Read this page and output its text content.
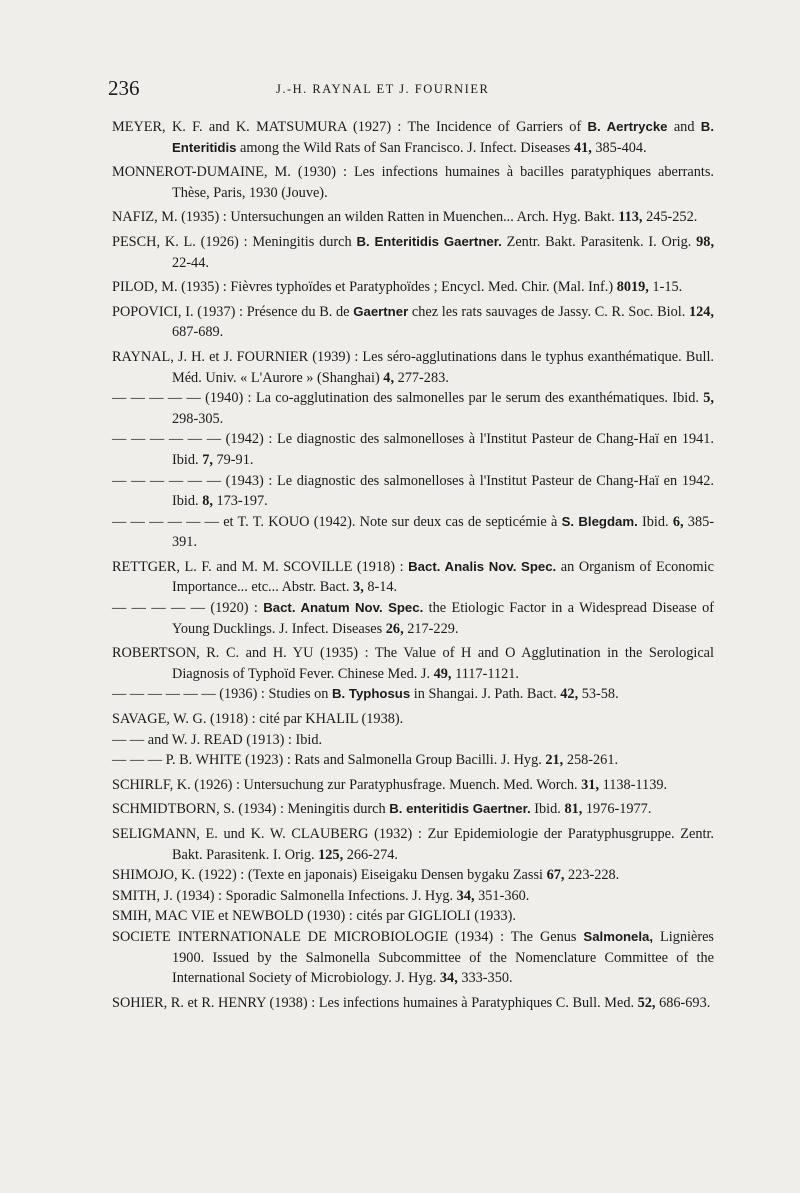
236	J.-H. RAYNAL ET J. FOURNIER

MEYER, K. F. and K. MATSUMURA (1927) : The Incidence of Garriers of B. Aertrycke and B. Enteritidis among the Wild Rats of San Francisco. J. Infect. Diseases 41, 385-404.

MONNEROT-DUMAINE, M. (1930) : Les infections humaines à bacilles paratyphiques aberrants. Thèse, Paris, 1930 (Jouve).

NAFIZ, M. (1935) : Untersuchungen an wilden Ratten in Muenchen... Arch. Hyg. Bakt. 113, 245-252.

PESCH, K. L. (1926) : Meningitis durch B. Enteritidis Gaertner. Zentr. Bakt. Parasitenk. I. Orig. 98, 22-44.

PILOD, M. (1935) : Fièvres typhoïdes et Paratyphoïdes ; Encycl. Med. Chir. (Mal. Inf.) 8019, 1-15.

POPOVICI, I. (1937) : Présence du B. de Gaertner chez les rats sauvages de Jassy. C. R. Soc. Biol. 124, 687-689.

RAYNAL, J. H. et J. FOURNIER (1939) : Les séro-agglutinations dans le typhus exanthématique. Bull. Méd. Univ. « L'Aurore » (Shanghai) 4, 277-283.

— — — — — (1940) : La co-agglutination des salmonelles par le serum des exanthématiques. Ibid. 5, 298-305.

— — — — — — (1942) : Le diagnostic des salmonelloses à l'Institut Pasteur de Chang-Haï en 1941. Ibid. 7, 79-91.

— — — — — — (1943) : Le diagnostic des salmonelloses à l'Institut Pasteur de Chang-Haï en 1942. Ibid. 8, 173-197.

— — — — — — et T. T. KOUO (1942). Note sur deux cas de septicémie à S. Blegdam. Ibid. 6, 385-391.

RETTGER, L. F. and M. M. SCOVILLE (1918) : Bact. Analis Nov. Spec. an Organism of Economic Importance... etc... Abstr. Bact. 3, 8-14.

— — — — — (1920) : Bact. Anatum Nov. Spec. the Etiologic Factor in a Widespread Disease of Young Ducklings. J. Infect. Diseases 26, 217-229.

ROBERTSON, R. C. and H. YU (1935) : The Value of H and O Agglutination in the Serological Diagnosis of Typhoïd Fever. Chinese Med. J. 49, 1117-1121.

— — — — — — (1936) : Studies on B. Typhosus in Shangai. J. Path. Bact. 42, 53-58.

SAVAGE, W. G. (1918) : cité par KHALIL (1938).

— — and W. J. READ (1913) : Ibid.

— — — P. B. WHITE (1923) : Rats and Salmonella Group Bacilli. J. Hyg. 21, 258-261.

SCHIRLF, K. (1926) : Untersuchung zur Paratyphusfrage. Muench. Med. Worch. 31, 1138-1139.

SCHMIDTBORN, S. (1934) : Meningitis durch B. enteritidis Gaertner. Ibid. 81, 1976-1977.

SELIGMANN, E. und K. W. CLAUBERG (1932) : Zur Epidemiologie der Paratyphusgruppe. Zentr. Bakt. Parasitenk. I. Orig. 125, 266-274.

SHIMOJO, K. (1922) : (Texte en japonais) Eiseigaku Densen bygaku Zassi 67, 223-228.

SMITH, J. (1934) : Sporadic Salmonella Infections. J. Hyg. 34, 351-360.

SMIH, MAC VIE et NEWBOLD (1930) : cités par GIGLIOLI (1933).

SOCIETE INTERNATIONALE DE MICROBIOLOGIE (1934) : The Genus Salmonela, Lignières 1900. Issued by the Salmonella Subcommittee of the Nomenclature Committee of the International Society of Microbiology. J. Hyg. 34, 333-350.

SOHIER, R. et R. HENRY (1938) : Les infections humaines à Paratyphiques C. Bull. Med. 52, 686-693.
